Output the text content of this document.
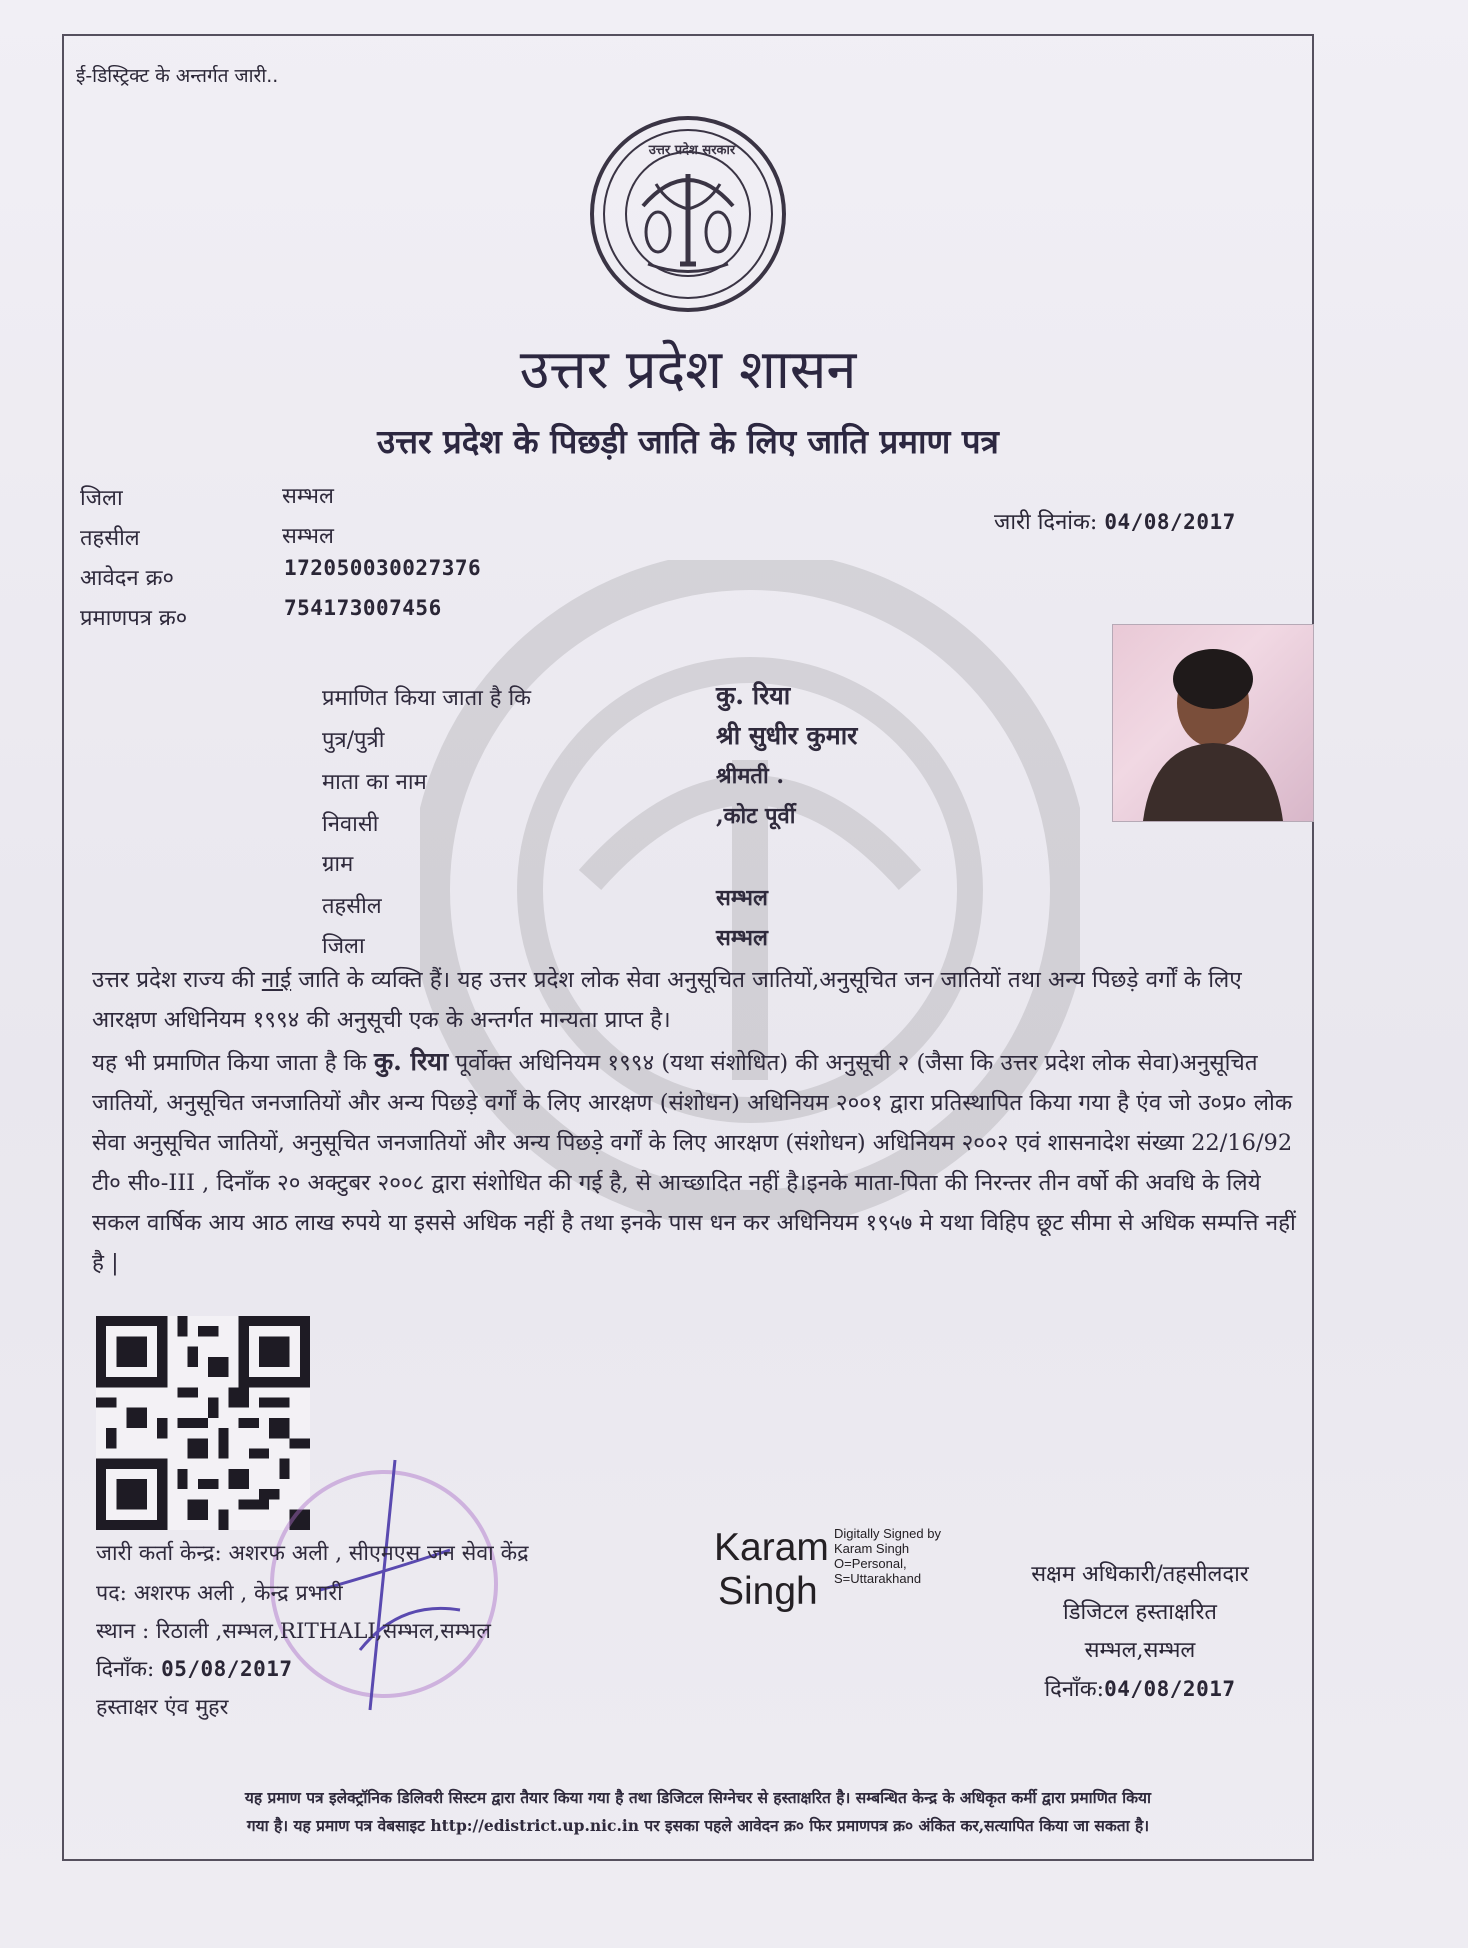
ई-डिस्ट्रिक्ट के अन्तर्गत जारी..
उत्तर प्रदेश सरकार
उत्तर प्रदेश शासन
उत्तर प्रदेश के पिछड़ी जाति के लिए जाति प्रमाण पत्र
जिला	सम्भल
तहसील	सम्भल
आवेदन क्र०	172050030027376
प्रमाणपत्र क्र०	754173007456
जारी दिनांक: 04/08/2017
प्रमाणित किया जाता है कि	कु. रिया
पुत्र/पुत्री	श्री सुधीर कुमार
माता का नाम	श्रीमती .
निवासी	,कोट पूर्वी
ग्राम
तहसील	सम्भल
जिला	सम्भल
उत्तर प्रदेश राज्य की नाई जाति के व्यक्ति हैं। यह उत्तर प्रदेश लोक सेवा अनुसूचित जातियों,अनुसूचित जन जातियों तथा अन्य पिछड़े वर्गों के लिए आरक्षण अधिनियम १९९४ की अनुसूची एक के अन्तर्गत मान्यता प्राप्त है।
यह भी प्रमाणित किया जाता है कि कु. रिया पूर्वोक्त अधिनियम १९९४ (यथा संशोधित) की अनुसूची २ (जैसा कि उत्तर प्रदेश लोक सेवा)अनुसूचित जातियों, अनुसूचित जनजातियों और अन्य पिछड़े वर्गों के लिए आरक्षण (संशोधन) अधिनियम २००१ द्वारा प्रतिस्थापित किया गया है एंव जो उ०प्र० लोक सेवा अनुसूचित जातियों, अनुसूचित जनजातियों और अन्य पिछड़े वर्गों के लिए आरक्षण (संशोधन) अधिनियम २००२ एवं शासनादेश संख्या 22/16/92 टी० सी०-III , दिनाँक २० अक्टुबर २००८ द्वारा संशोधित की गई है, से आच्छादित नहीं है।इनके माता-पिता की निरन्तर तीन वर्षो की अवधि के लिये सकल वार्षिक आय आठ लाख रुपये या इससे अधिक नहीं है तथा इनके पास धन कर अधिनियम १९५७ मे यथा विहिप छूट सीमा से अधिक सम्पत्ति नहीं है |
जारी कर्ता केन्द्र: अशरफ अली , सीएमएस जन सेवा केंद्र
पद: अशरफ अली , केन्द्र प्रभारी
स्थान : रिठाली ,सम्भल,RITHALI,सम्भल,सम्भल
दिनाँक: 05/08/2017
हस्ताक्षर एंव मुहर
Karam
Singh
Digitally Signed by
Karam Singh
O=Personal,
S=Uttarakhand	सक्षम अधिकारी/तहसीलदार
डिजिटल हस्ताक्षरित
सम्भल,सम्भल
दिनाँक:04/08/2017
यह प्रमाण पत्र इलेक्ट्रॉनिक डिलिवरी सिस्टम द्वारा तैयार किया गया है तथा डिजिटल सिग्नेचर से हस्ताक्षरित है। सम्बन्धित केन्द्र के अधिकृत कर्मी द्वारा प्रमाणित किया
गया है। यह प्रमाण पत्र वेबसाइट http://edistrict.up.nic.in पर इसका पहले आवेदन क्र० फिर प्रमाणपत्र क्र० अंकित कर,सत्यापित किया जा सकता है।
